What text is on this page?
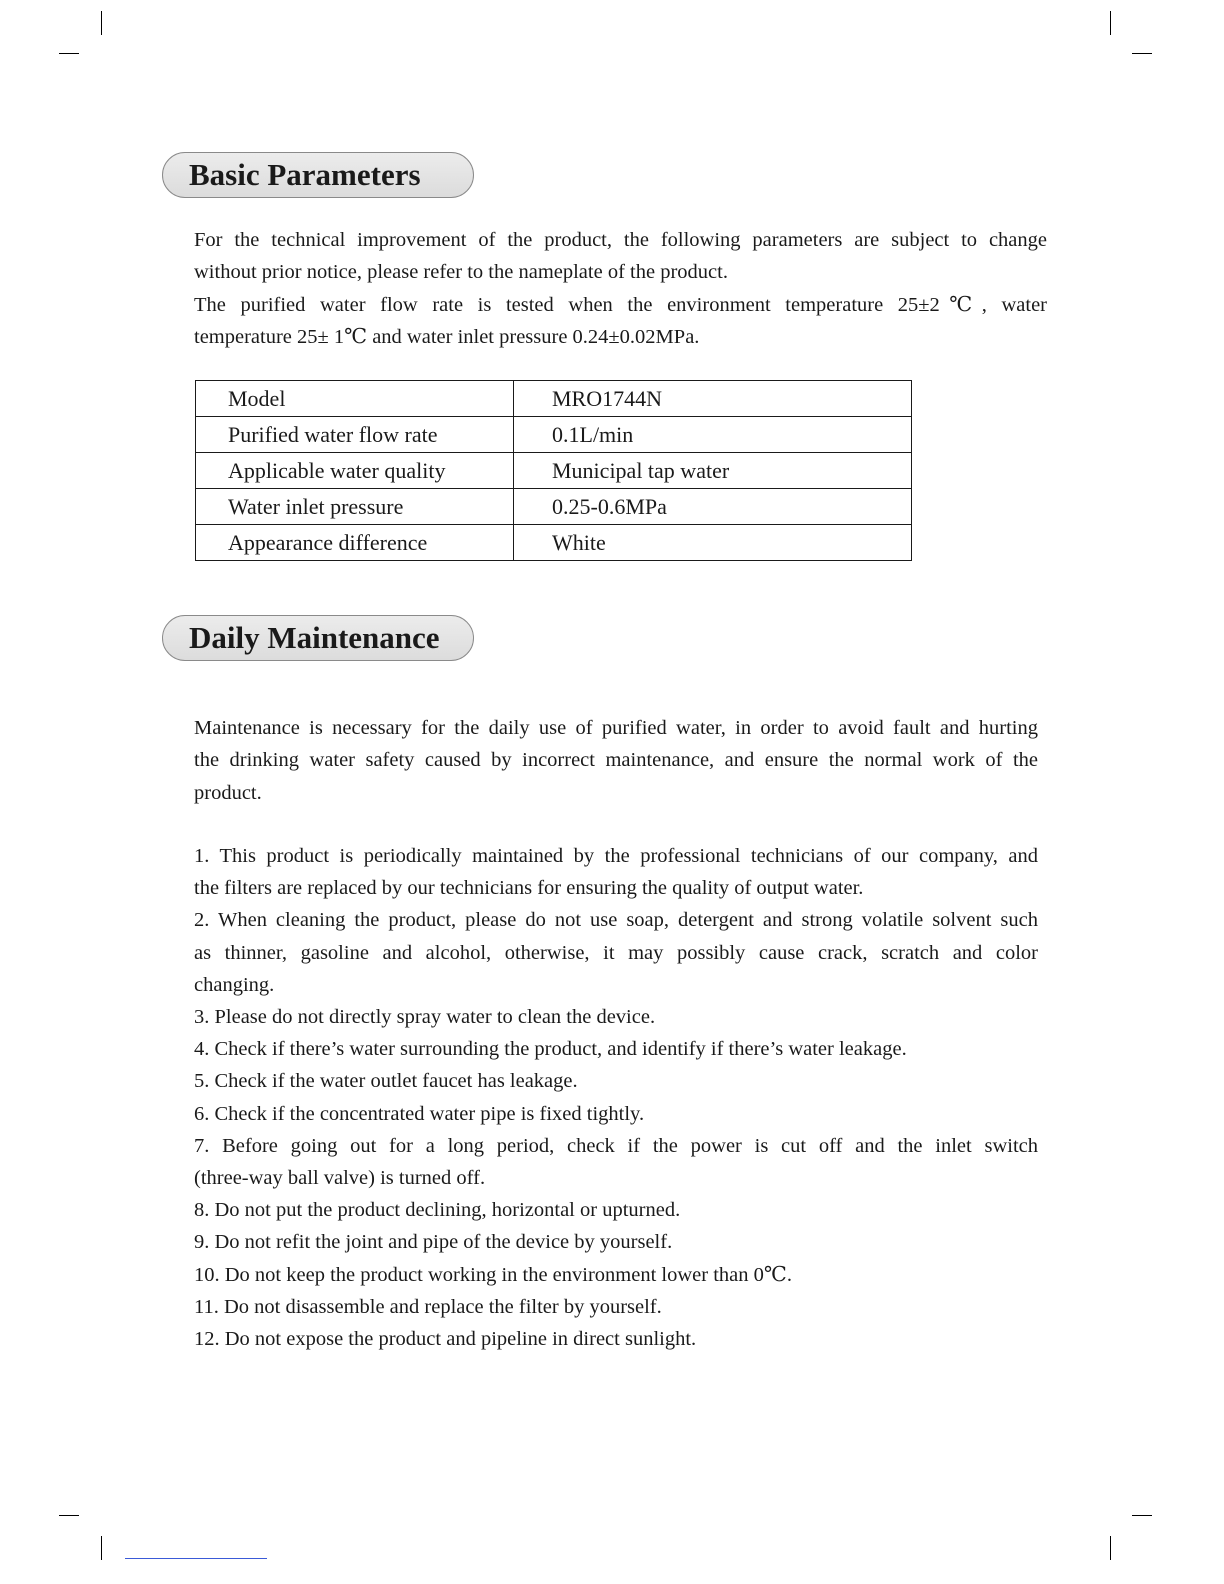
Basic Parameters
For the technical improvement of the product, the following parameters are subject to change
without prior notice, please refer to the nameplate of the product.
The purified water flow rate is tested when the environment temperature 25±2℃, water
temperature 25± 1℃ and water inlet pressure 0.24±0.02MPa.
Model	MRO1744N
Purified water flow rate	0.1L/min
Applicable water quality	Municipal tap water
Water inlet pressure	0.25-0.6MPa
Appearance difference	White
Daily Maintenance
Maintenance is necessary for the daily use of purified water, in order to avoid fault and hurting
the drinking water safety caused by incorrect maintenance, and ensure the normal work of the
product.
1. This product is periodically maintained by the professional technicians of our company, and
the filters are replaced by our technicians for ensuring the quality of output water.
2. When cleaning the product, please do not use soap, detergent and strong volatile solvent such
as thinner, gasoline and alcohol, otherwise, it may possibly cause crack, scratch and color
changing.
3. Please do not directly spray water to clean the device.
4. Check if there’s water surrounding the product, and identify if there’s water leakage.
5. Check if the water outlet faucet has leakage.
6. Check if the concentrated water pipe is fixed tightly.
7. Before going out for a long period, check if the power is cut off and the inlet switch
(three-way ball valve) is turned off.
8. Do not put the product declining, horizontal or upturned.
9. Do not refit the joint and pipe of the device by yourself.
10. Do not keep the product working in the environment lower than 0℃.
11. Do not disassemble and replace the filter by yourself.
12. Do not expose the product and pipeline in direct sunlight.
